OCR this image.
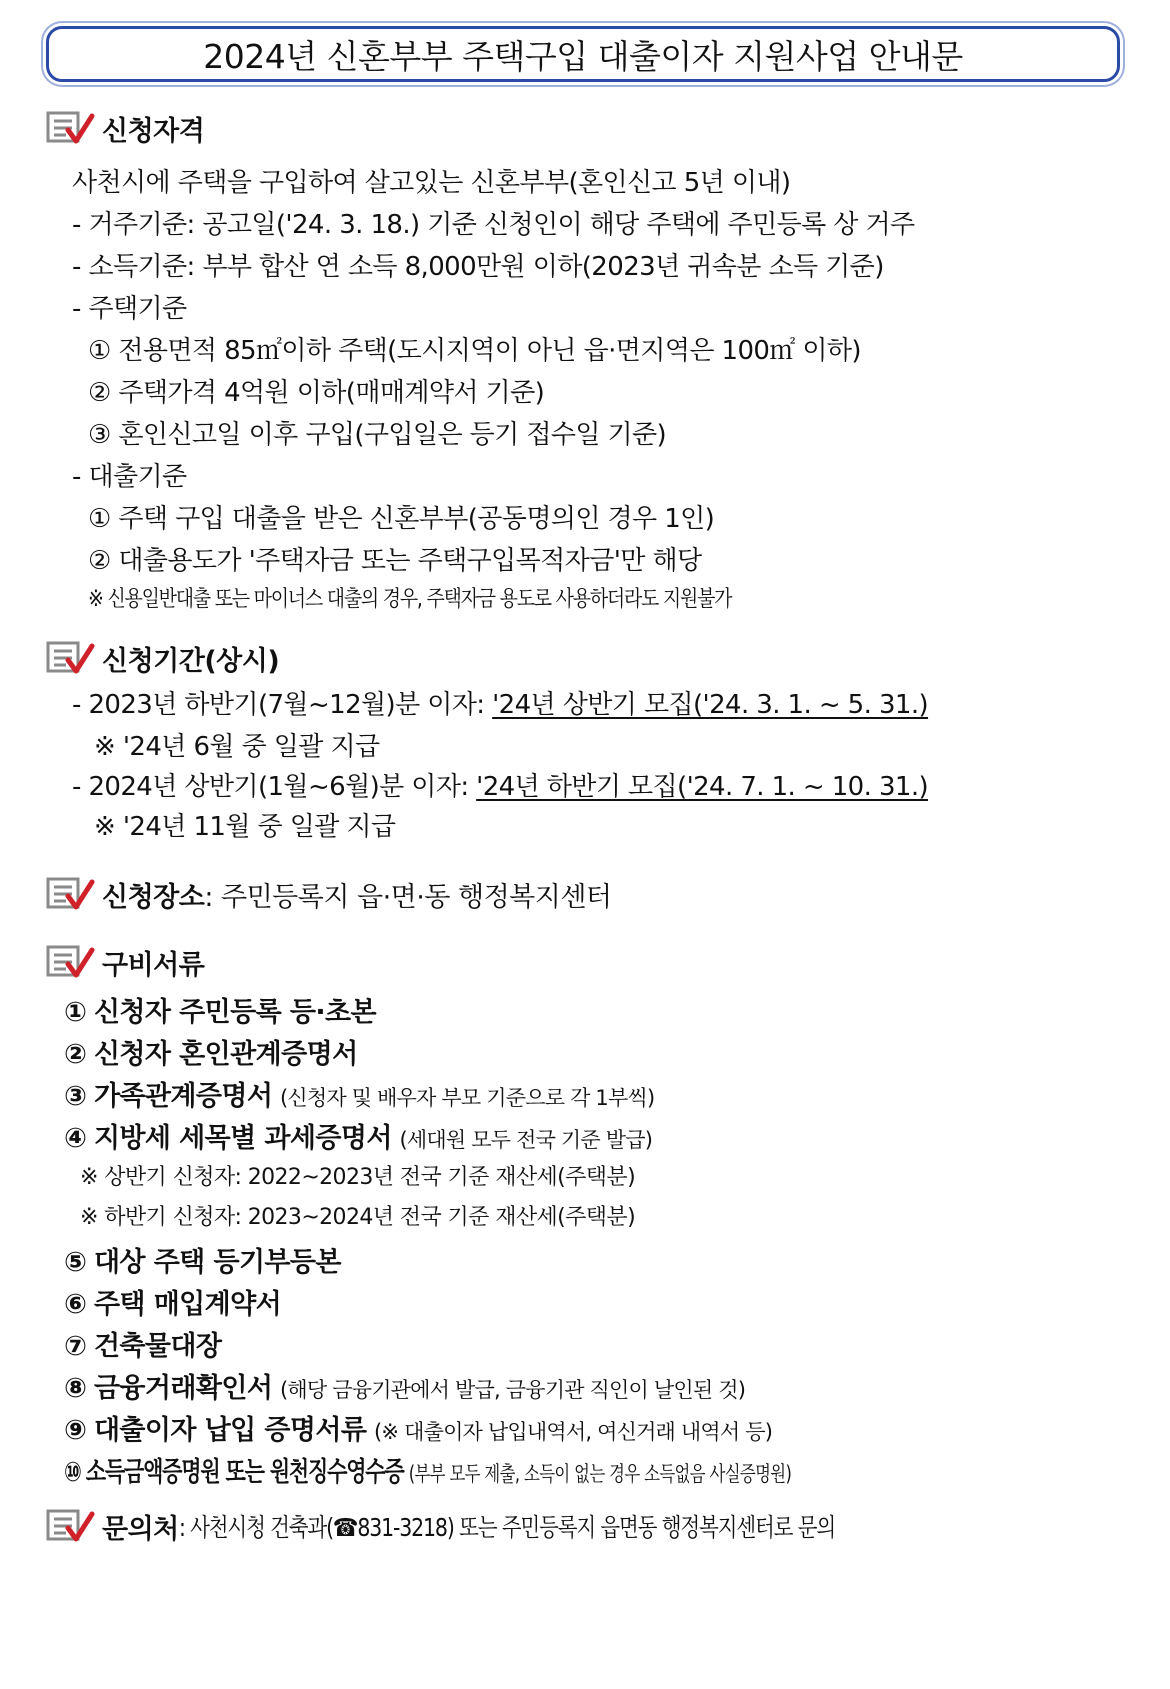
2024년 신혼부부 주택구입 대출이자 지원사업 안내문
신청자격
사천시에 주택을 구입하여 살고있는 신혼부부(혼인신고 5년 이내)
- 거주기준: 공고일('24. 3. 18.) 기준 신청인이 해당 주택에 주민등록 상 거주
- 소득기준: 부부 합산 연 소득 8,000만원 이하(2023년 귀속분 소득 기준)
- 주택기준
① 전용면적 85㎡이하 주택(도시지역이 아닌 읍·면지역은 100㎡ 이하)
② 주택가격 4억원 이하(매매계약서 기준)
③ 혼인신고일 이후 구입(구입일은 등기 접수일 기준)
- 대출기준
① 주택 구입 대출을 받은 신혼부부(공동명의인 경우 1인)
② 대출용도가 '주택자금 또는 주택구입목적자금'만 해당
※ 신용일반대출 또는 마이너스 대출의 경우, 주택자금 용도로 사용하더라도 지원불가
신청기간(상시)
- 2023년 하반기(7월~12월)분 이자: '24년 상반기 모집('24. 3. 1. ~ 5. 31.)
※ '24년 6월 중 일괄 지급
- 2024년 상반기(1월~6월)분 이자: '24년 하반기 모집('24. 7. 1. ~ 10. 31.)
※ '24년 11월 중 일괄 지급
신청장소 : 주민등록지 읍·면·동 행정복지센터
구비서류
① 신청자 주민등록 등·초본
② 신청자 혼인관계증명서
③ 가족관계증명서 (신청자 및 배우자 부모 기준으로 각 1부씩)
④ 지방세 세목별 과세증명서 (세대원 모두 전국 기준 발급)
※ 상반기 신청자: 2022~2023년 전국 기준 재산세(주택분)
※ 하반기 신청자: 2023~2024년 전국 기준 재산세(주택분)
⑤ 대상 주택 등기부등본
⑥ 주택 매입계약서
⑦ 건축물대장
⑧ 금융거래확인서 (해당 금융기관에서 발급, 금융기관 직인이 날인된 것)
⑨ 대출이자 납입 증명서류 (※ 대출이자 납입내역서, 여신거래 내역서 등)
⑩ 소득금액증명원 또는 원천징수영수증 (부부 모두 제출, 소득이 없는 경우 소득없음 사실증명원)
문의처 : 사천시청 건축과(☎831-3218) 또는 주민등록지 읍면동 행정복지센터로 문의
